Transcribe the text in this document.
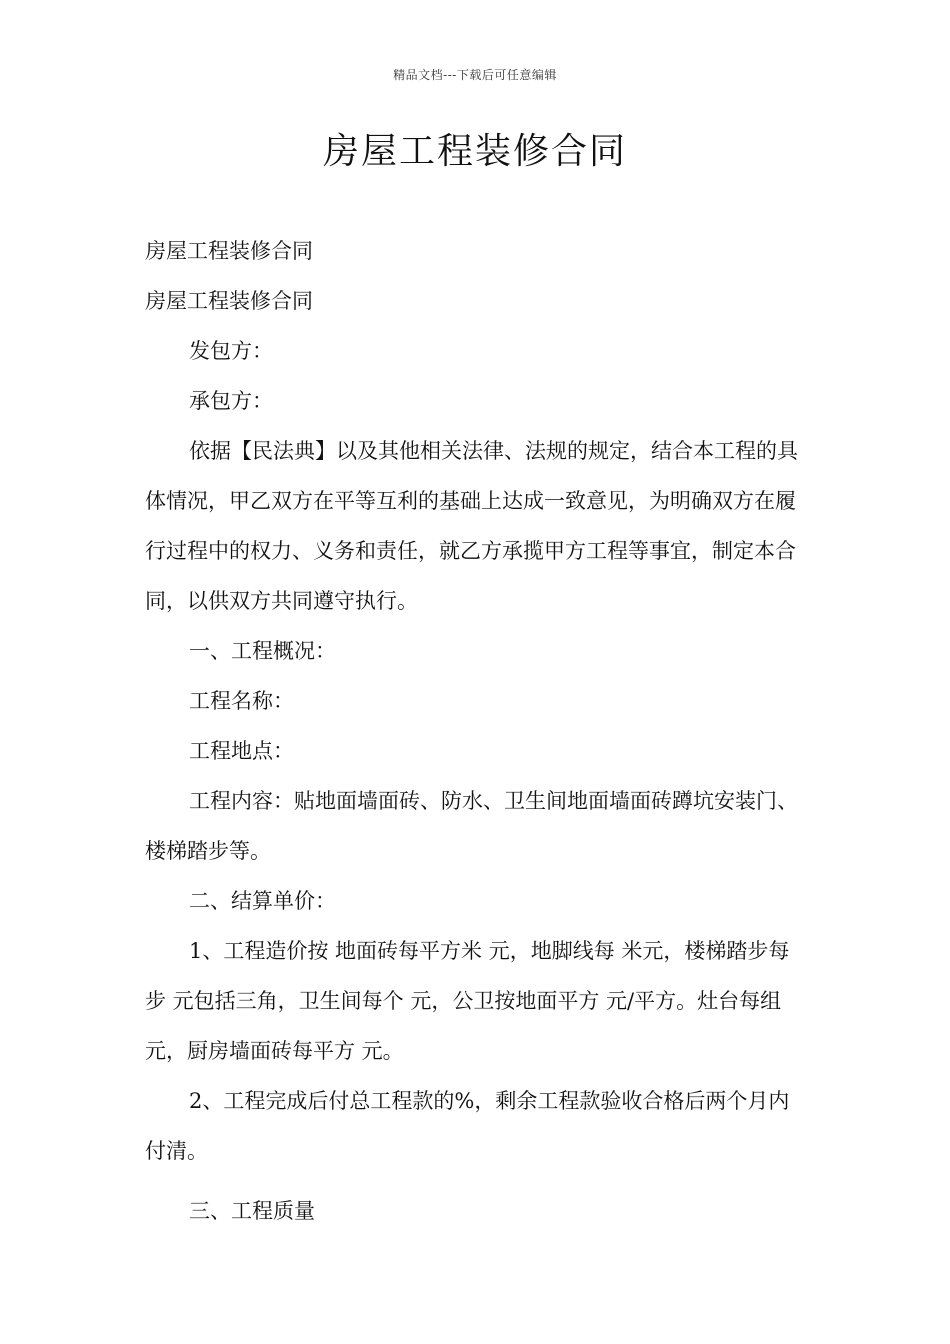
精品文档---下载后可任意编辑
房屋工程装修合同

房屋工程装修合同

房屋工程装修合同

发包方：

承包方：

依据【民法典】以及其他相关法律、法规的规定，结合本工程的具体情况，甲乙双方在平等互利的基础上达成一致意见，为明确双方在履行过程中的权力、义务和责任，就乙方承揽甲方工程等事宜，制定本合同，以供双方共同遵守执行。

一、工程概况：

工程名称：

工程地点：

工程内容：贴地面墙面砖、防水、卫生间地面墙面砖蹲坑安装门、楼梯踏步等。

二、结算单价：

1、工程造价按 地面砖每平方米 元，地脚线每 米元，楼梯踏步每步 元包括三角，卫生间每个 元，公卫按地面平方 元/平方。灶台每组 元，厨房墙面砖每平方 元。

2、工程完成后付总工程款的%，剩余工程款验收合格后两个月内付清。

三、工程质量
